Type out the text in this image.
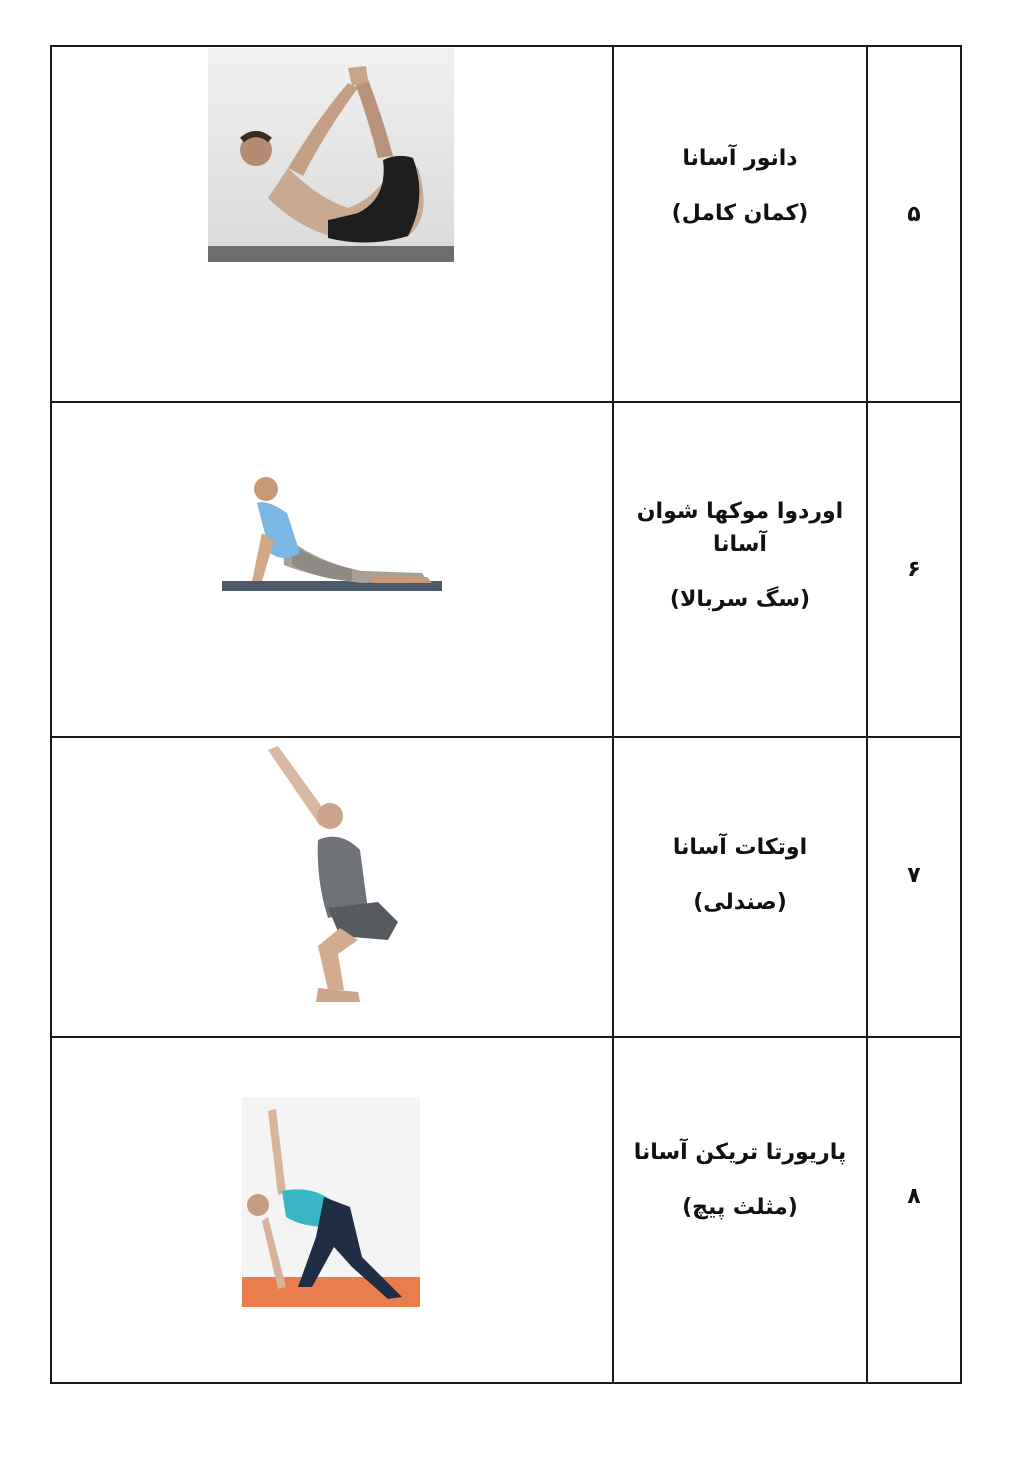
دانور آسانا
(کمان کامل)	۵

اوردوا موکها شوان آسانا
(سگ سربالا)	۶

اوتکات آسانا
(صندلی)	۷

پاریورتا تریکن آسانا
(مثلث پیچ)	۸
